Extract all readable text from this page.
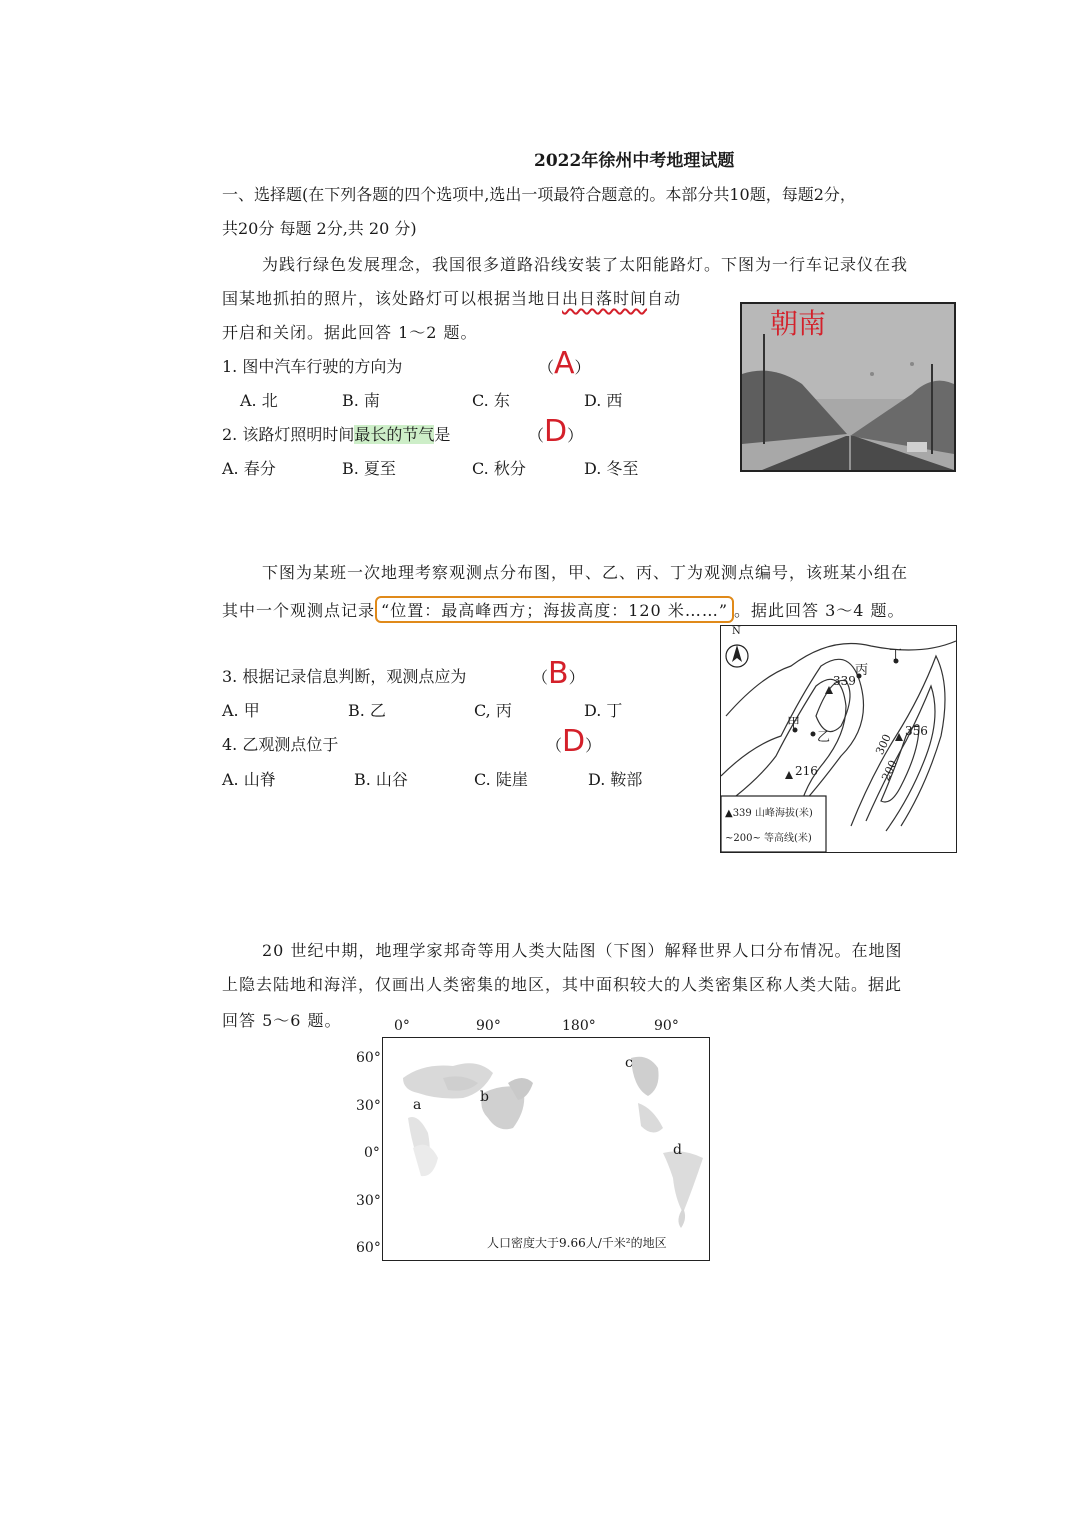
2022年徐州中考地理试题
一、选择题(在下列各题的四个选项中,选出一项最符合题意的。本部分共10题，每题2分，
共20分 每题 2分,共 20 分)
为践行绿色发展理念，我国很多道路沿线安装了太阳能路灯。下图为一行车记录仪在我
国某地抓拍的照片，该处路灯可以根据当地日出日落时间自动
开启和关闭。据此回答 1～2 题。	朝南
1. 图中汽车行驶的方向为	（A）
A. 北	B. 南	C. 东	D. 西
2. 该路灯照明时间最长的节气是	（D）
A. 春分	B. 夏至	C. 秋分	D. 冬至
下图为某班一次地理考察观测点分布图，甲、乙、丙、丁为观测点编号，该班某小组在
其中一个观测点记录 “位置：最高峰西方；海拔高度：120 米……” 。据此回答 3～4 题。
N
甲
乙
丙
丁
339
356
216
300
200
▲339 山峰海拔(米)
~200~ 等高线(米)
3. 根据记录信息判断，观测点应为	（B）
A. 甲	B. 乙	C, 丙	D. 丁
4. 乙观测点位于	（D）
A. 山脊	B. 山谷	C. 陡崖	D. 鞍部
20 世纪中期，地理学家邦奇等用人类大陆图（下图）解释世界人口分布情况。在地图
上隐去陆地和海洋，仅画出人类密集的地区，其中面积较大的人类密集区称人类大陆。据此
回答 5～6 题。	0°	90°	180°	90°
60°
30°
0°
30°
60°
a	b
c
d
人口密度大于9.66人/千米²的地区
